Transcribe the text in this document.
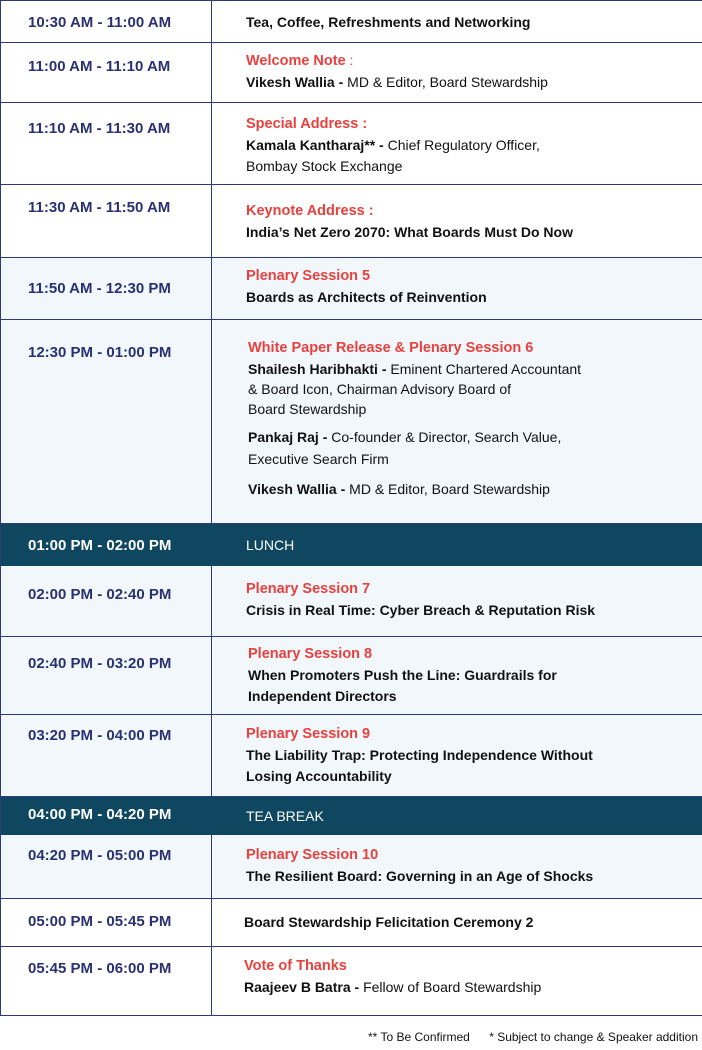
10:30 AM - 11:00 AM	Tea, Coffee, Refreshments and Networking
11:00 AM - 11:10 AM	Welcome Note :
Vikesh Wallia - MD & Editor, Board Stewardship
11:10 AM - 11:30 AM	Special Address :
Kamala Kantharaj** - Chief Regulatory Officer,
Bombay Stock Exchange
11:30 AM - 11:50 AM	Keynote Address :
India’s Net Zero 2070: What Boards Must Do Now
11:50 AM - 12:30 PM
Plenary Session 5
Boards as Architects of Reinvention
12:30 PM - 01:00 PM	White Paper Release & Plenary Session 6
Shailesh Haribhakti - Eminent Chartered Accountant
& Board Icon, Chairman Advisory Board of
Board Stewardship
Pankaj Raj - Co-founder & Director, Search Value,
Executive Search Firm
Vikesh Wallia - MD & Editor, Board Stewardship
01:00 PM - 02:00 PM	LUNCH
02:00 PM - 02:40 PM	Plenary Session 7
Crisis in Real Time: Cyber Breach & Reputation Risk
02:40 PM - 03:20 PM
Plenary Session 8
When Promoters Push the Line: Guardrails for
Independent Directors
03:20 PM - 04:00 PM	Plenary Session 9
The Liability Trap: Protecting Independence Without
Losing Accountability
04:00 PM - 04:20 PM	TEA BREAK
04:20 PM - 05:00 PM	Plenary Session 10
The Resilient Board: Governing in an Age of Shocks
05:00 PM - 05:45 PM	Board Stewardship Felicitation Ceremony 2
05:45 PM - 06:00 PM	Vote of Thanks
Raajeev B Batra - Fellow of Board Stewardship
** To Be Confirmed * Subject to change & Speaker addition
